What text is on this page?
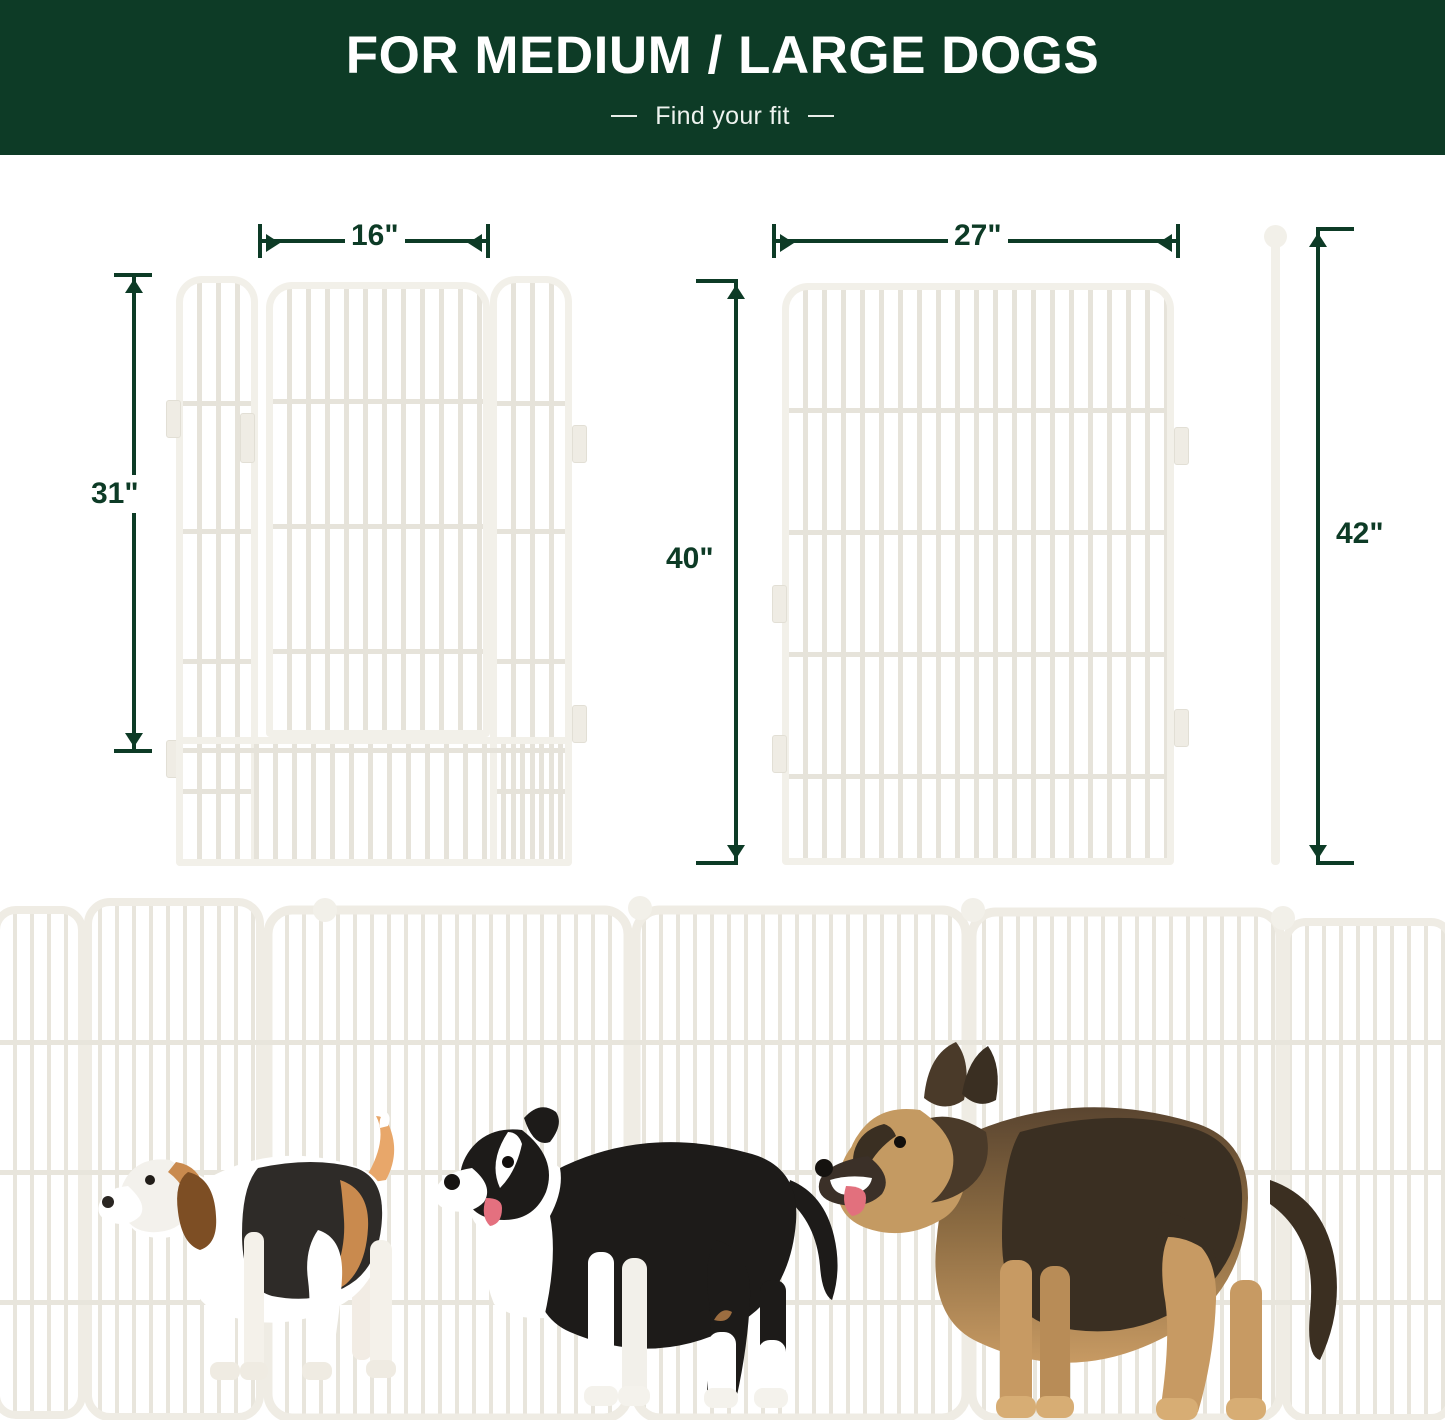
FOR MEDIUM / LARGE DOGS
Find your fit
16"
31"
27"
40"
42"
